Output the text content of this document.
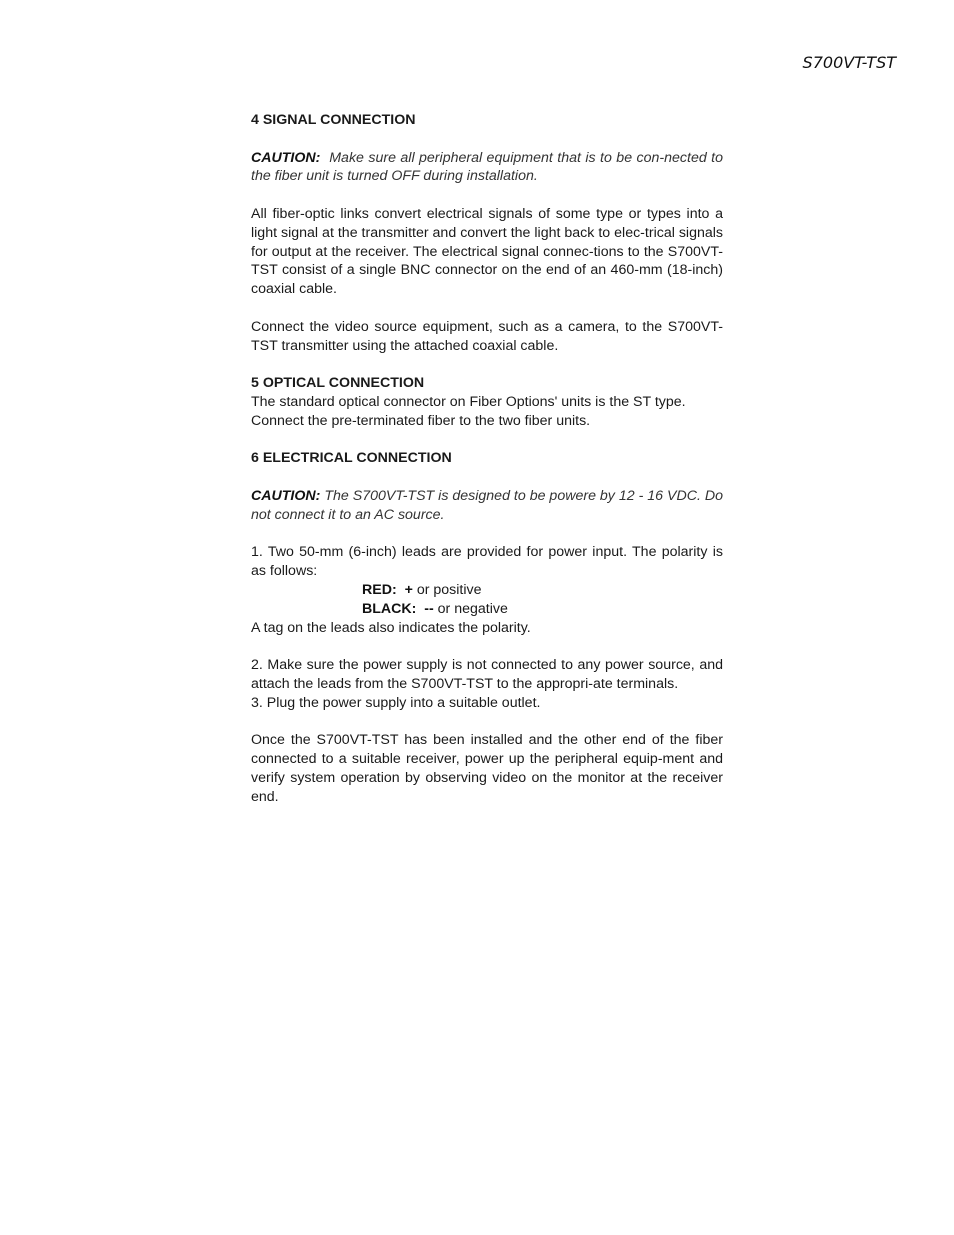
S700VT-TST
4 SIGNAL CONNECTION

CAUTION: Make sure all peripheral equipment that is to be con-nected to the fiber unit is turned OFF during installation.

All fiber-optic links convert electrical signals of some type or types into a light signal at the transmitter and convert the light back to elec-trical signals for output at the receiver. The electrical signal connec-tions to the S700VT-TST consist of a single BNC connector on the end of an 460-mm (18-inch) coaxial cable.

Connect the video source equipment, such as a camera, to the S700VT-TST transmitter using the attached coaxial cable.

5 OPTICAL CONNECTION

The standard optical connector on Fiber Options' units is the ST type. Connect the pre-terminated fiber to the two fiber units.

6 ELECTRICAL CONNECTION

CAUTION: The S700VT-TST is designed to be powere by 12 - 16 VDC. Do not connect it to an AC source.

1. Two 50-mm (6-inch) leads are provided for power input. The polarity is as follows:

RED: + or positive

BLACK: -- or negative

A tag on the leads also indicates the polarity.

2. Make sure the power supply is not connected to any power source, and attach the leads from the S700VT-TST to the appropri-ate terminals.

3. Plug the power supply into a suitable outlet.

Once the S700VT-TST has been installed and the other end of the fiber connected to a suitable receiver, power up the peripheral equip-ment and verify system operation by observing video on the monitor at the receiver end.
